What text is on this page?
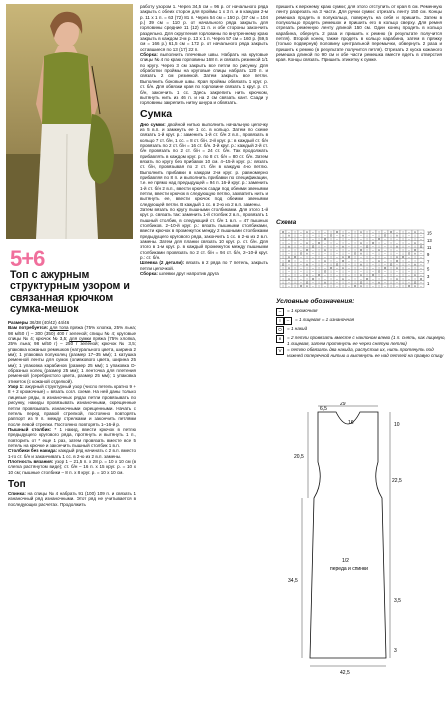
5+6
Топ с ажурным структурным узором и связанная крючком сумка-мешок

Размеры 36/38 (40/42) 44/46

Вам потребуется: для топа пряжа (75% хлопка, 25% льна; 98 м/50 г) – 300 (350) 400 г зеленой; спицы № 4; круговые спицы № 4; крючок № 3,5; для сумки пряжа (75% хлопка, 25% льна; 98 м/50 г) – 250 г зеленой; крючок № 3,5; упаковка кожаных ремешков (натурального цвета, ширина 2 мм); 1 упаковка полуколец (размер 17–35 мм); 1 катушка ременной ленты для сумок (оливкового цвета, ширина 25 мм); 1 упаковка карабинов (размер 25 мм); 1 упаковка D-образных колец (размер 25 мм); 1 ленточка для плетения ременной (серебристого цвета, размер 25 мм); 1 упаковка этикеток (с кожаной отделкой).

Узор 1: ажурный структурный узор (число петель кратно 9 + 8 + 2 кромочные) = вязать согл. схеме. На ней даны только лицевые ряды, в изнаночных рядах петли провязывать по рисунку, накиды провязывать изнаночными, скрещенные петли провязывать изнаночными скрещенными. Начать с петель перед правой стрелкой, постоянно повторять раппорт из 9 п. между стрелками и закончить петлями после левой стрелки. Постоянно повторять 1–16-й р.

Пышный столбик: * 1 накид, ввести крючок в петлю предыдущего кругового ряда, протянуть и вытянуть 1 п., повторить от * еще 1 раз, затем провязать вместе все 5 петель на крючке и закончить пышный столбик 1 в.п.

Столбики без накида: каждый ряд начинать с 2 в.п. вместо 1-го ст. б/н и заканчивать 1 сс. в 2-ю из 2 в.п. замены.

Плотность вязания: узор 1 – 21,5 п. x 28 р. = 10 x 10 см (в слегка растянутом виде); ст. б/н – 16 п. x 15 круг. р. = 10 x 10 см; пышные столбики – 8 п. x 8 круг. р. = 10 x 10 см.

Топ

Спинка: на спицы № 4 набрать 91 (100) 109 п. и связать 1 изнаночный ряд изнаночными. Этот ряд не учитывается в последующих расчетах. Продолжить

работу узором 1. Через 34,5 см = 96 р. от начального ряда закрыть с обеих сторон для проймы 1 x 3 п. и в каждом 2-м р. 11 x 1 п. = 63 (72) 81 п. Через 54 см = 150 р. (37 см = 104 р.) 39 см = 110 р. от начального ряда закрыть для горловины средние 11 (12) 11 п. и обе стороны закончить раздельно. Для скругления горловины по внутреннему краю закрыть в каждом 2-м р. 13 x 1 п. Через 57 см = 160 р. (59,5 см = 166 р.) 61,5 см = 172 р. от начального ряда закрыть оставшиеся по 13 (17) 22 п.

Сборка: выполнить плечевые швы. Набрать на круговые спицы № 4 по краю горловины 168 п. и связать резинкой 1/1 по кругу. Через 3 см закрыть все петли по рисунку. Для обработки проймы на круговые спицы набрать 120 п. и связать 2 см резинкой. Затем закрыть все петли. Выполнить боковые швы. Края проймы обвязать 1 круг. р. ст. б/н. Для обвязки края по горловине связать 1 круг. р. ст. б/н, закончить 1 сс. Здесь закрепить нить крючком, вытянуть нить из 46 п. и на 2 см связать кант. Сзади у горловины закрепить нитку шнура и обвязать.

Сумка

Дно сумки: двойной нитью выполнить начальную цепочку из 5 в.п. и замкнуть ее 1 сс. в кольцо. Затем по схеме связать 1-й круг. р.: заменить 1-й ст. б/н 2 в.п., провязать в кольцо 7 ст. б/н, 1 сс. = 8 ст. б/н. 2-й круг. р.: в каждый ст. б/н провязать по 2 ст. б/н = 16 ст. б/н. 3-й круг. р.: каждый 2-й ст. б/н провязать по 2 ст. б/н = 24 ст. б/н. Так продолжать прибавлять в каждом круг. р. по 8 ст. б/н = 80 ст. б/н. Затем вязать по кругу без прибавок 10 см. 4–15-й круг. р.: вязать ст. б/н, провязывая по 2 ст. б/н в каждую 4-ю петлю. Выполнить прибавки в каждом 2-м круг. р. равномерно прибавляя по 8 п. и выполнить прибавки по спецификации, т.е. не прямо над предыдущей = 94 п. 16-й круг. р.: заменить 1-й ст. б/н 2 в.п., ввести крючок сзади под обеими звеньями петли, ввести крючок в следующую петлю, захватить нить и вытянуть ее, ввести крючок под обеими звеньями следующей петли. В каждый 1 сс. в 2-ю из 2 в.п. замены.

Затем вязать по кругу пышными столбиками. Для этого 1-й круг. р. связать так: заменить 1-й столбик 2 в.п., провязать 1 пышный столбик, в следующий ст. б/н 1 в.п. = 47 пышных столбиков. 2–10-й круг. р.: вязать пышными столбиками, ввести крючок в промежуток между 2 пышными столбиками предыдущего кругового ряда, закончить 1 сс. в 2-ю из 2 в.п. замены. Затем для планки связать 10 круг. р. ст. б/н. Для этого в 1-м круг. р. в каждый промежуток между пышными столбиками провязать по 2 ст. б/н = 94 ст. б/н, 2–10-й круг. р.: ст. б/н.

Шлевка (2 детали): вязать в 2 ряда по 7 петель, закрыть петли цепочкой.

Сборка: шлевки друг напротив друга

пришить к верхнему краю сумки; для этого отступить от края 6 см. Ременную ленту разрезать на 3 части. Для ручки сумки: отрезать ленту 150 см. Концы ремешка продеть в полукольцо, повернуть на себя и пришить. Затем в полукольцо продеть ремешок и пришить его в кольцо сверху. Для ремня отрезать ременную ленту длиной 150 см. Один конец продеть в кольцо карабина, обернуть 2 раза и пришить к ремню (в результате получится петля). Второй конец также продеть в кольцо карабина, затем в пряжку (только подвернув) половину центральной перемычки, обвернуть 2 раза и пришить к ремню (в результате получится петля). Отрезать 2 куска кожаного ремешка длиной по 90 см и обе части ремешка вместе вдеть в отверстия края. Концы связать. Пришить этикетку к сумке.

Схема
O – | – ∧ – | – | O | – | ∧ | – | – O – | – ∧ –
| ∧ | – | – | – O – ∧ – | – | – | O | ∧ | – | –
| – | – | – | O | – | – | – | – O – | – | – | –
| – | – ∧ – O – | – | – | ∧ | O | – | – | – ∧ –
| ∧ | – | O | – | – ∧ – | – O – | – | ∧ | – | O
| – | – O – | ∧ | – | – | O | – ∧ – | – | – O –
| – | O ∧ – | – | – | – O ∧ | – | – | – | O ∧ –
| ∧ O – | – | – | – ∧ O | – | – | – | ∧ O – | –
| O | – | – | ∧ | – O – | – | – ∧ – | O | – | –
O – | – ∧ – | – | O | – | ∧ | – | – O – | – ∧ –
| ∧ | – | – | – O – ∧ – | – | – | O | ∧ | – | –
| – | – | – | O | – | – | – | – O – | – | – | –
| – | – ∧ – O – | – | – | ∧ | O | – | – | – ∧ –
| ∧ | – | O | – | – ∧ – | – O – | – | ∧ | – | O
| – | – O – | ∧ | – | – | O | – ∧ – | – | – O –
| – | O ∧ – | – | – | – O ∧ | – | – | – | O ∧ –
15
13
11
9
7
5
3
1
Условные обозначения:
–	= 1 кромочная
I	–	= 1 лицевая
= 1 изнаночная
O	= 1 накид
∧	= 2 петли провязать вместе с наклоном влево (1 п. снять, как лицевую, 1 лицевая, затем протянуть ее через снятую петлю)
V	= петлю обвязать два накида, распустив их, нить протянуть под нижней поперечной нитью и вытянуть ее над петлей на правую спицу
29
6,5
20,5
22,5
34,5
1/2
переда и спинки
42,5
16	10
3,5
3
